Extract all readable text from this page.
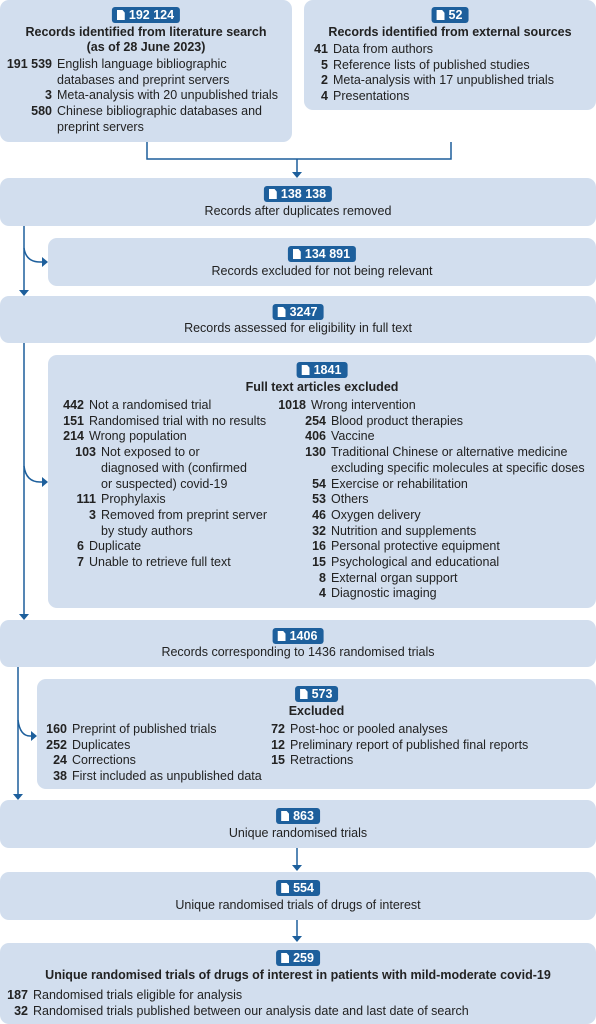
192 124
Records identified from literature search
(as of 28 June 2023)
191 539 English language bibliographic
databases and preprint servers
3 Meta-analysis with 20 unpublished trials
580 Chinese bibliographic databases and
preprint servers
52
Records identified from external sources
41 Data from authors
5 Reference lists of published studies
2 Meta-analysis with 17 unpublished trials
4 Presentations
138 138
Records after duplicates removed
134 891
Records excluded for not being relevant
3247
Records assessed for eligibility in full text
1841
Full text articles excluded
442 Not a randomised trial
151 Randomised trial with no results
214 Wrong population
103 Not exposed to or
diagnosed with (confirmed
or suspected) covid-19
111 Prophylaxis
3 Removed from preprint server
by study authors
6 Duplicate
7 Unable to retrieve full text
1018 Wrong intervention
254 Blood product therapies
406 Vaccine
130 Traditional Chinese or alternative medicine
excluding specific molecules at specific doses
54 Exercise or rehabilitation
53 Others
46 Oxygen delivery
32 Nutrition and supplements
16 Personal protective equipment
15 Psychological and educational
8 External organ support
4 Diagnostic imaging
1406
Records corresponding to 1436 randomised trials
573
Excluded
160 Preprint of published trials
252 Duplicates
24 Corrections
38 First included as unpublished data
72 Post-hoc or pooled analyses
12 Preliminary report of published final reports
15 Retractions
863
Unique randomised trials
554
Unique randomised trials of drugs of interest
259
Unique randomised trials of drugs of interest in patients with mild-moderate covid-19
187 Randomised trials eligible for analysis
32 Randomised trials published between our analysis date and last date of search
